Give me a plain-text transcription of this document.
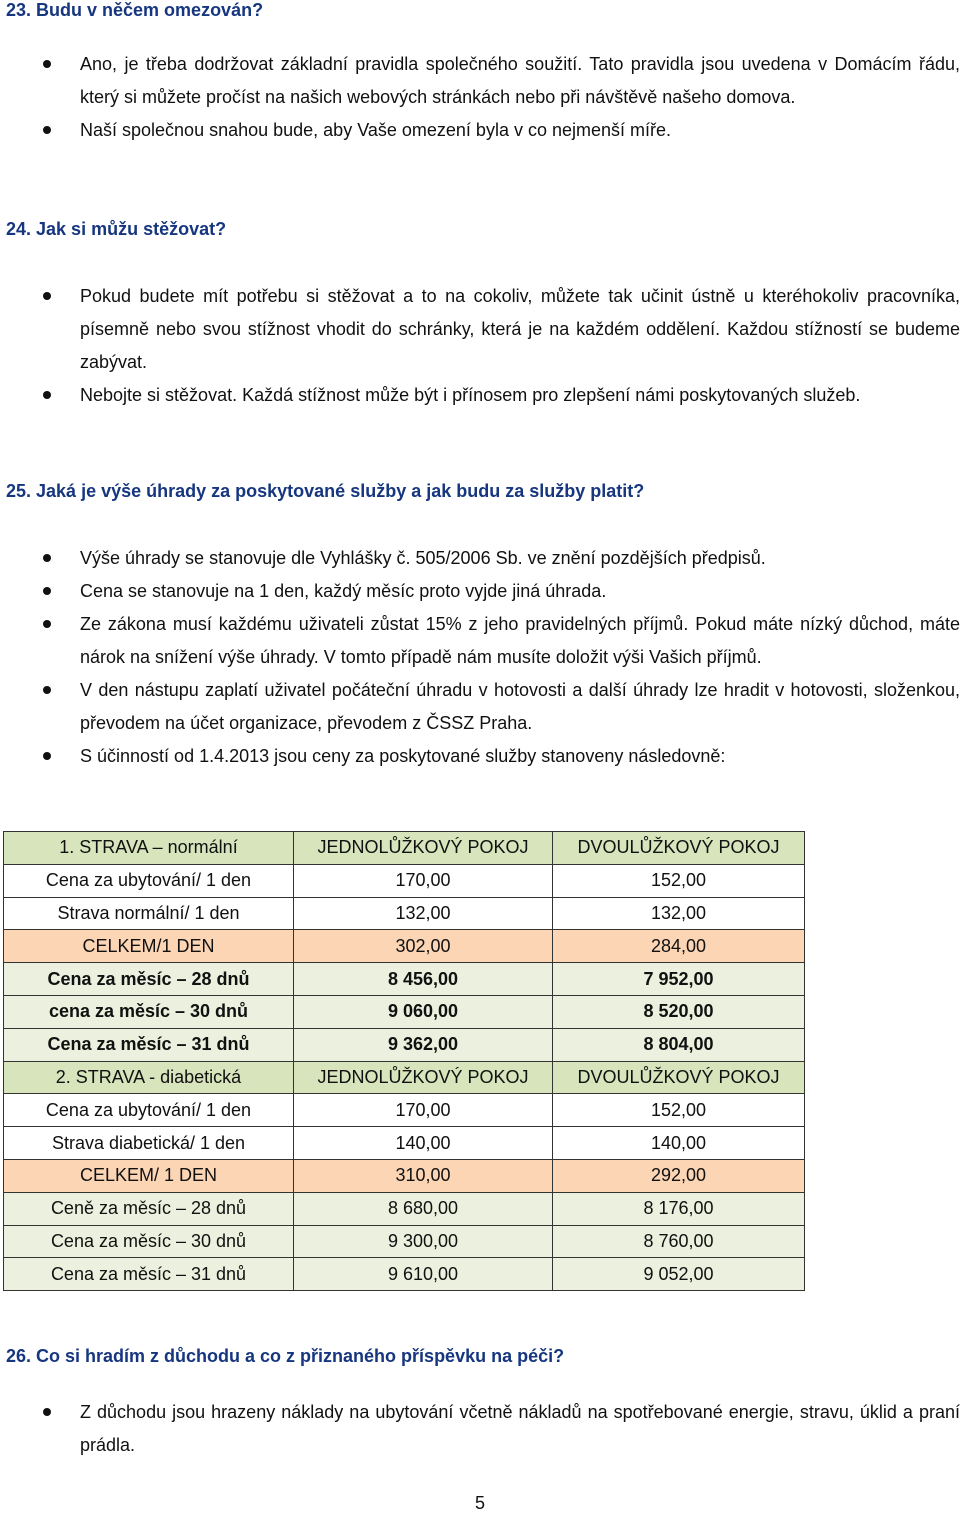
23. Budu v něčem omezován?
Ano, je třeba dodržovat základní pravidla společného soužití. Tato pravidla jsou uvedena v Domácím řádu, který si můžete pročíst na našich webových stránkách nebo při návštěvě našeho domova.
Naší společnou snahou bude, aby Vaše omezení byla v co nejmenší míře.
24. Jak si můžu stěžovat?
Pokud budete mít potřebu si stěžovat a to na cokoliv, můžete tak učinit ústně u kteréhokoliv pracovníka, písemně nebo svou stížnost vhodit do schránky, která je na každém oddělení. Každou stížností se budeme zabývat.
Nebojte si stěžovat. Každá stížnost může být i přínosem pro zlepšení námi poskytovaných služeb.
25. Jaká je výše úhrady za poskytované služby a jak budu za služby platit?
Výše úhrady se stanovuje dle Vyhlášky č. 505/2006 Sb. ve znění pozdějších předpisů.
Cena se stanovuje na 1 den, každý měsíc proto vyjde jiná úhrada.
Ze zákona musí každému uživateli zůstat 15% z jeho pravidelných příjmů. Pokud máte nízký důchod, máte nárok na snížení výše úhrady. V tomto případě nám musíte doložit výši Vašich příjmů.
V den nástupu zaplatí uživatel počáteční úhradu v hotovosti a další úhrady lze hradit v hotovosti, složenkou, převodem na účet organizace, převodem z ČSSZ Praha.
S účinností od 1.4.2013 jsou ceny za poskytované služby stanoveny následovně:
1. STRAVA – normální	JEDNOLŮŽKOVÝ POKOJ	DVOULŮŽKOVÝ POKOJ
Cena za ubytování/ 1 den	170,00	152,00
Strava normální/ 1 den	132,00	132,00
CELKEM/1 DEN	302,00	284,00
Cena za měsíc – 28 dnů	8 456,00	7 952,00
cena za měsíc – 30 dnů	9 060,00	8 520,00
Cena za měsíc – 31 dnů	9 362,00	8 804,00
2. STRAVA - diabetická	JEDNOLŮŽKOVÝ POKOJ	DVOULŮŽKOVÝ POKOJ
Cena za ubytování/ 1 den	170,00	152,00
Strava diabetická/ 1 den	140,00	140,00
CELKEM/ 1 DEN	310,00	292,00
Ceně za měsíc – 28 dnů	8 680,00	8 176,00
Cena za měsíc – 30 dnů	9 300,00	8 760,00
Cena za měsíc – 31 dnů	9 610,00	9 052,00
26. Co si hradím z důchodu a co z přiznaného příspěvku na péči?
Z důchodu jsou hrazeny náklady na ubytování včetně nákladů na spotřebované energie, stravu, úklid a praní prádla.
5
